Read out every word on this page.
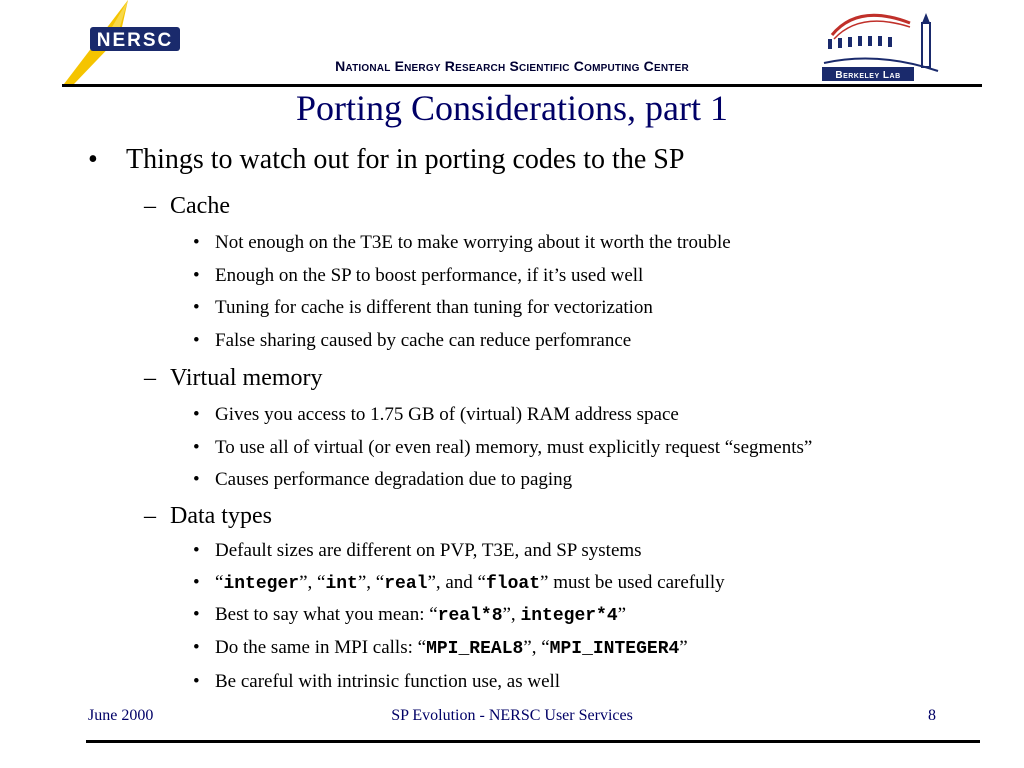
NERSC
Berkeley Lab
National Energy Research Scientific Computing Center
Porting Considerations, part 1
• Things to watch out for in porting codes to the SP
– Cache
• Not enough on the T3E to make worrying about it worth the trouble
• Enough on the SP to boost performance, if it’s used well
• Tuning for cache is different than tuning for vectorization
• False sharing caused by cache can reduce perfomrance
– Virtual memory
• Gives you access to 1.75 GB of (virtual) RAM address space
• To use all of virtual (or even real) memory, must explicitly request “segments”
• Causes performance degradation due to paging
– Data types
• Default sizes are different on PVP, T3E, and SP systems
• “integer”, “int”, “real”, and “float” must be used carefully
• Best to say what you mean: “real*8”, integer*4”
• Do the same in MPI calls: “MPI_REAL8”, “MPI_INTEGER4”
• Be careful with intrinsic function use, as well
June 2000	SP Evolution - NERSC User Services	8
